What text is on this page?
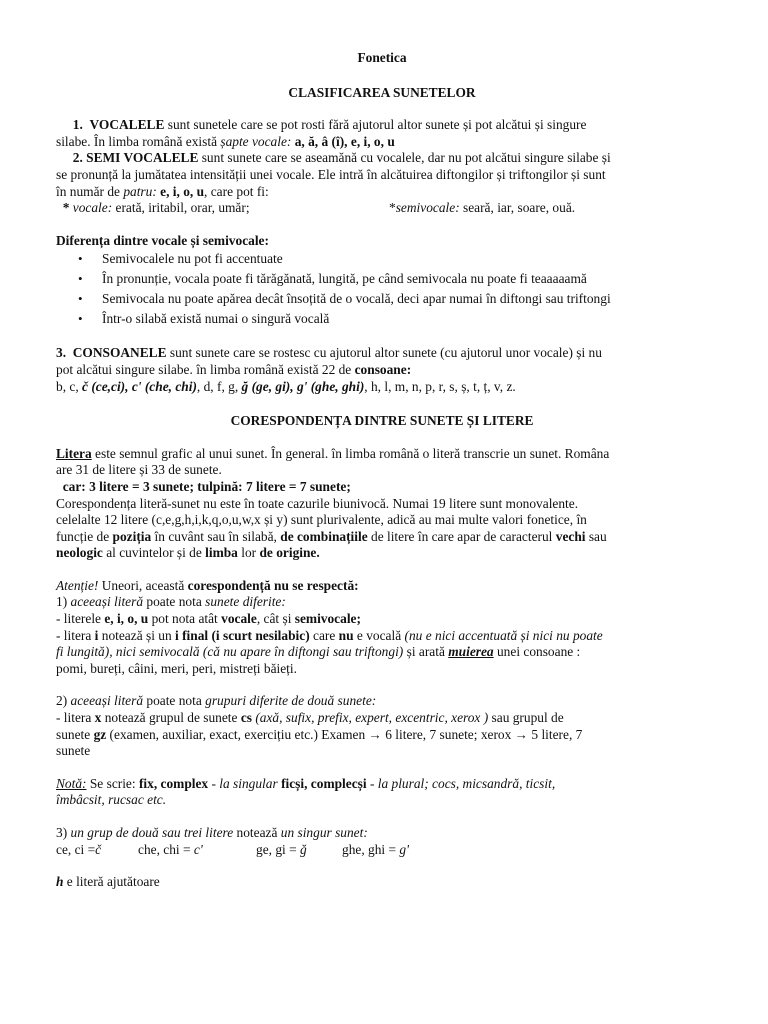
Fonetica
CLASIFICAREA SUNETELOR

1. VOCALELE sunt sunetele care se pot rosti fără ajutorul altor sunete și pot alcătui și singure
silabe. În limba română există șapte vocale: a, ă, â (î), e, i, o, u

2. SEMI VOCALELE sunt sunete care se aseamănă cu vocalele, dar nu pot alcătui singure silabe și
se pronunță la jumătatea intensității unei vocale. Ele intră în alcătuirea diftongilor și triftongilor și sunt
în număr de patru: e, i, o, u, care pot fi:
* vocale: erată, iritabil, orar, umăr;	*semivocale: seară, iar, soare, ouă.

Diferența dintre vocale și semivocale:

• Semivocalele nu pot fi accentuate
• În pronunție, vocala poate fi tărăgănată, lungită, pe când semivocala nu poate fi teaaaaamă
• Semivocala nu poate apărea decât însoțită de o vocală, deci apar numai în diftongi sau triftongi
• Într-o silabă există numai o singură vocală

3. CONSOANELE sunt sunete care se rostesc cu ajutorul altor sunete (cu ajutorul unor vocale) și nu
pot alcătui singure silabe. în limba română există 22 de consoane:
b, c, č (ce,ci), c' (che, chi), d, f, g, ğ (ge, gi), g' (ghe, ghi), h, l, m, n, p, r, s, ș, t, ț, v, z.

CORESPONDENȚA DINTRE SUNETE ȘI LITERE

Litera este semnul grafic al unui sunet. În general. în limba română o literă transcrie un sunet. Româna
are 31 de litere și 33 de sunete.
car: 3 litere = 3 sunete; tulpină: 7 litere = 7 sunete;
Corespondența literă-sunet nu este în toate cazurile biunivocă. Numai 19 litere sunt monovalente.
celelalte 12 litere (c,e,g,h,i,k,q,o,u,w,x și y) sunt plurivalente, adică au mai multe valori fonetice, în
funcție de poziția în cuvânt sau în silabă, de combinațiile de litere în care apar de caracterul vechi sau
neologic al cuvintelor și de limba lor de origine.

Atenție! Uneori, această corespondență nu se respectă:
1) aceeași literă poate nota sunete diferite:
- literele e, i, o, u pot nota atât vocale, cât și semivocale;
- litera i notează și un i final (i scurt nesilabic) care nu e vocală (nu e nici accentuată și nici nu poate
fi lungită), nici semivocală (că nu apare în diftongi sau triftongi) și arată muierea unei consoane :
pomi, bureți, câini, meri, peri, mistreți băieți.

2) aceeași literă poate nota grupuri diferite de două sunete:
- litera x notează grupul de sunete cs (axă, sufix, prefix, expert, excentric, xerox ) sau grupul de
sunete gz (examen, auxiliar, exact, exercițiu etc.) Examen → 6 litere, 7 sunete; xerox → 5 litere, 7
sunete

Notă: Se scrie: fix, complex - la singular fiсși, complecși - la plural; cocs, micsandră, ticsit,
îmbâcsit, rucsac etc.

3) un grup de două sau trei litere notează un singur sunet:
ce, ci =č	che, chi = c'	ge, gi = ğ	ghe, ghi = g'

h e literă ajutătoare
